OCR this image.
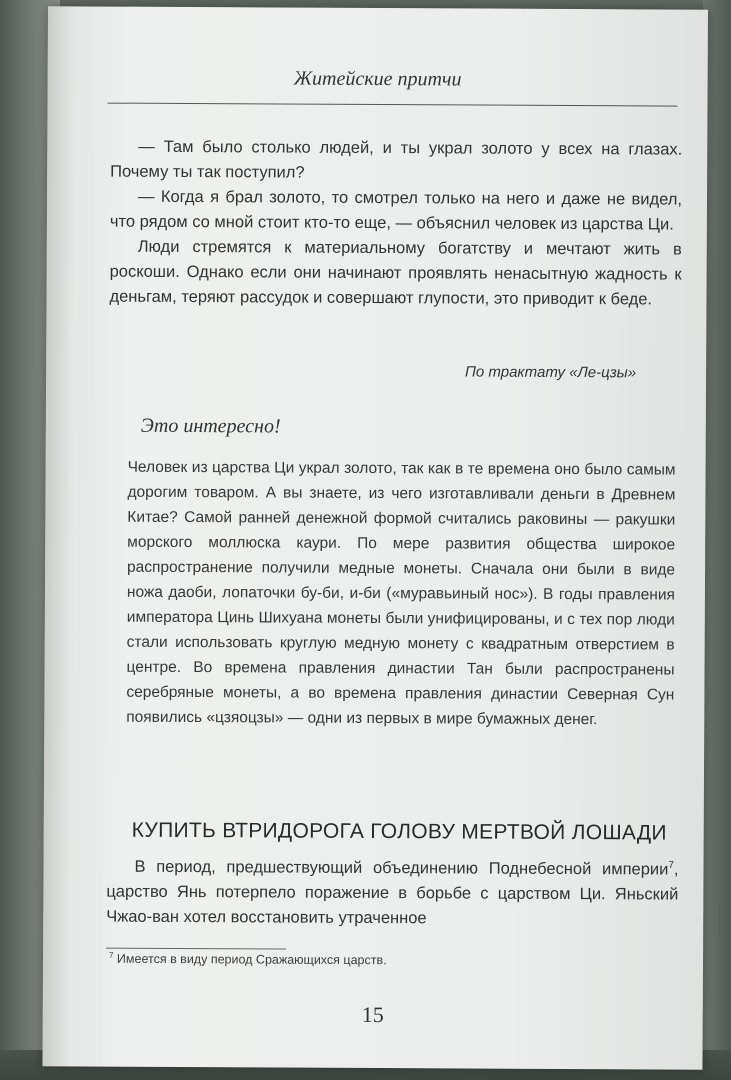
Житейские притчи

— Там было столько людей, и ты украл золото у всех на глазах. Почему ты так поступил?

— Когда я брал золото, то смотрел только на него и даже не видел, что рядом со мной стоит кто-то еще, — объяснил человек из царства Ци.

Люди стремятся к материальному богатству и мечтают жить в роскоши. Однако если они начинают проявлять ненасытную жадность к деньгам, теряют рассудок и совершают глупости, это приводит к беде.

По трактату «Ле-цзы»
Это интересно!

Человек из царства Ци украл золото, так как в те времена оно было самым дорогим товаром. А вы знаете, из чего изготавливали деньги в Древнем Китае? Самой ранней денежной формой считались раковины — ракушки морского моллюска каури. По мере развития общества широкое распространение получили медные монеты. Сначала они были в виде ножа даоби, лопаточки бу-би, и-би («муравьиный нос»). В годы правления императора Цинь Шихуана монеты были унифицированы, и с тех пор люди стали использовать круглую медную монету с квадратным отверстием в центре. Во времена правления династии Тан были распространены серебряные монеты, а во времена правления династии Северная Сун появились «цзяоцзы» — одни из первых в мире бумажных денег.

КУПИТЬ ВТРИДОРОГА ГОЛОВУ МЕРТВОЙ ЛОШАДИ

В период, предшествующий объединению Поднебесной империи$^7$, царство Янь потерпело поражение в борьбе с царством Ци. Яньский Чжао-ван хотел восстановить утраченное

$^7$ Имеется в виду период Сражающихся царств.
15
